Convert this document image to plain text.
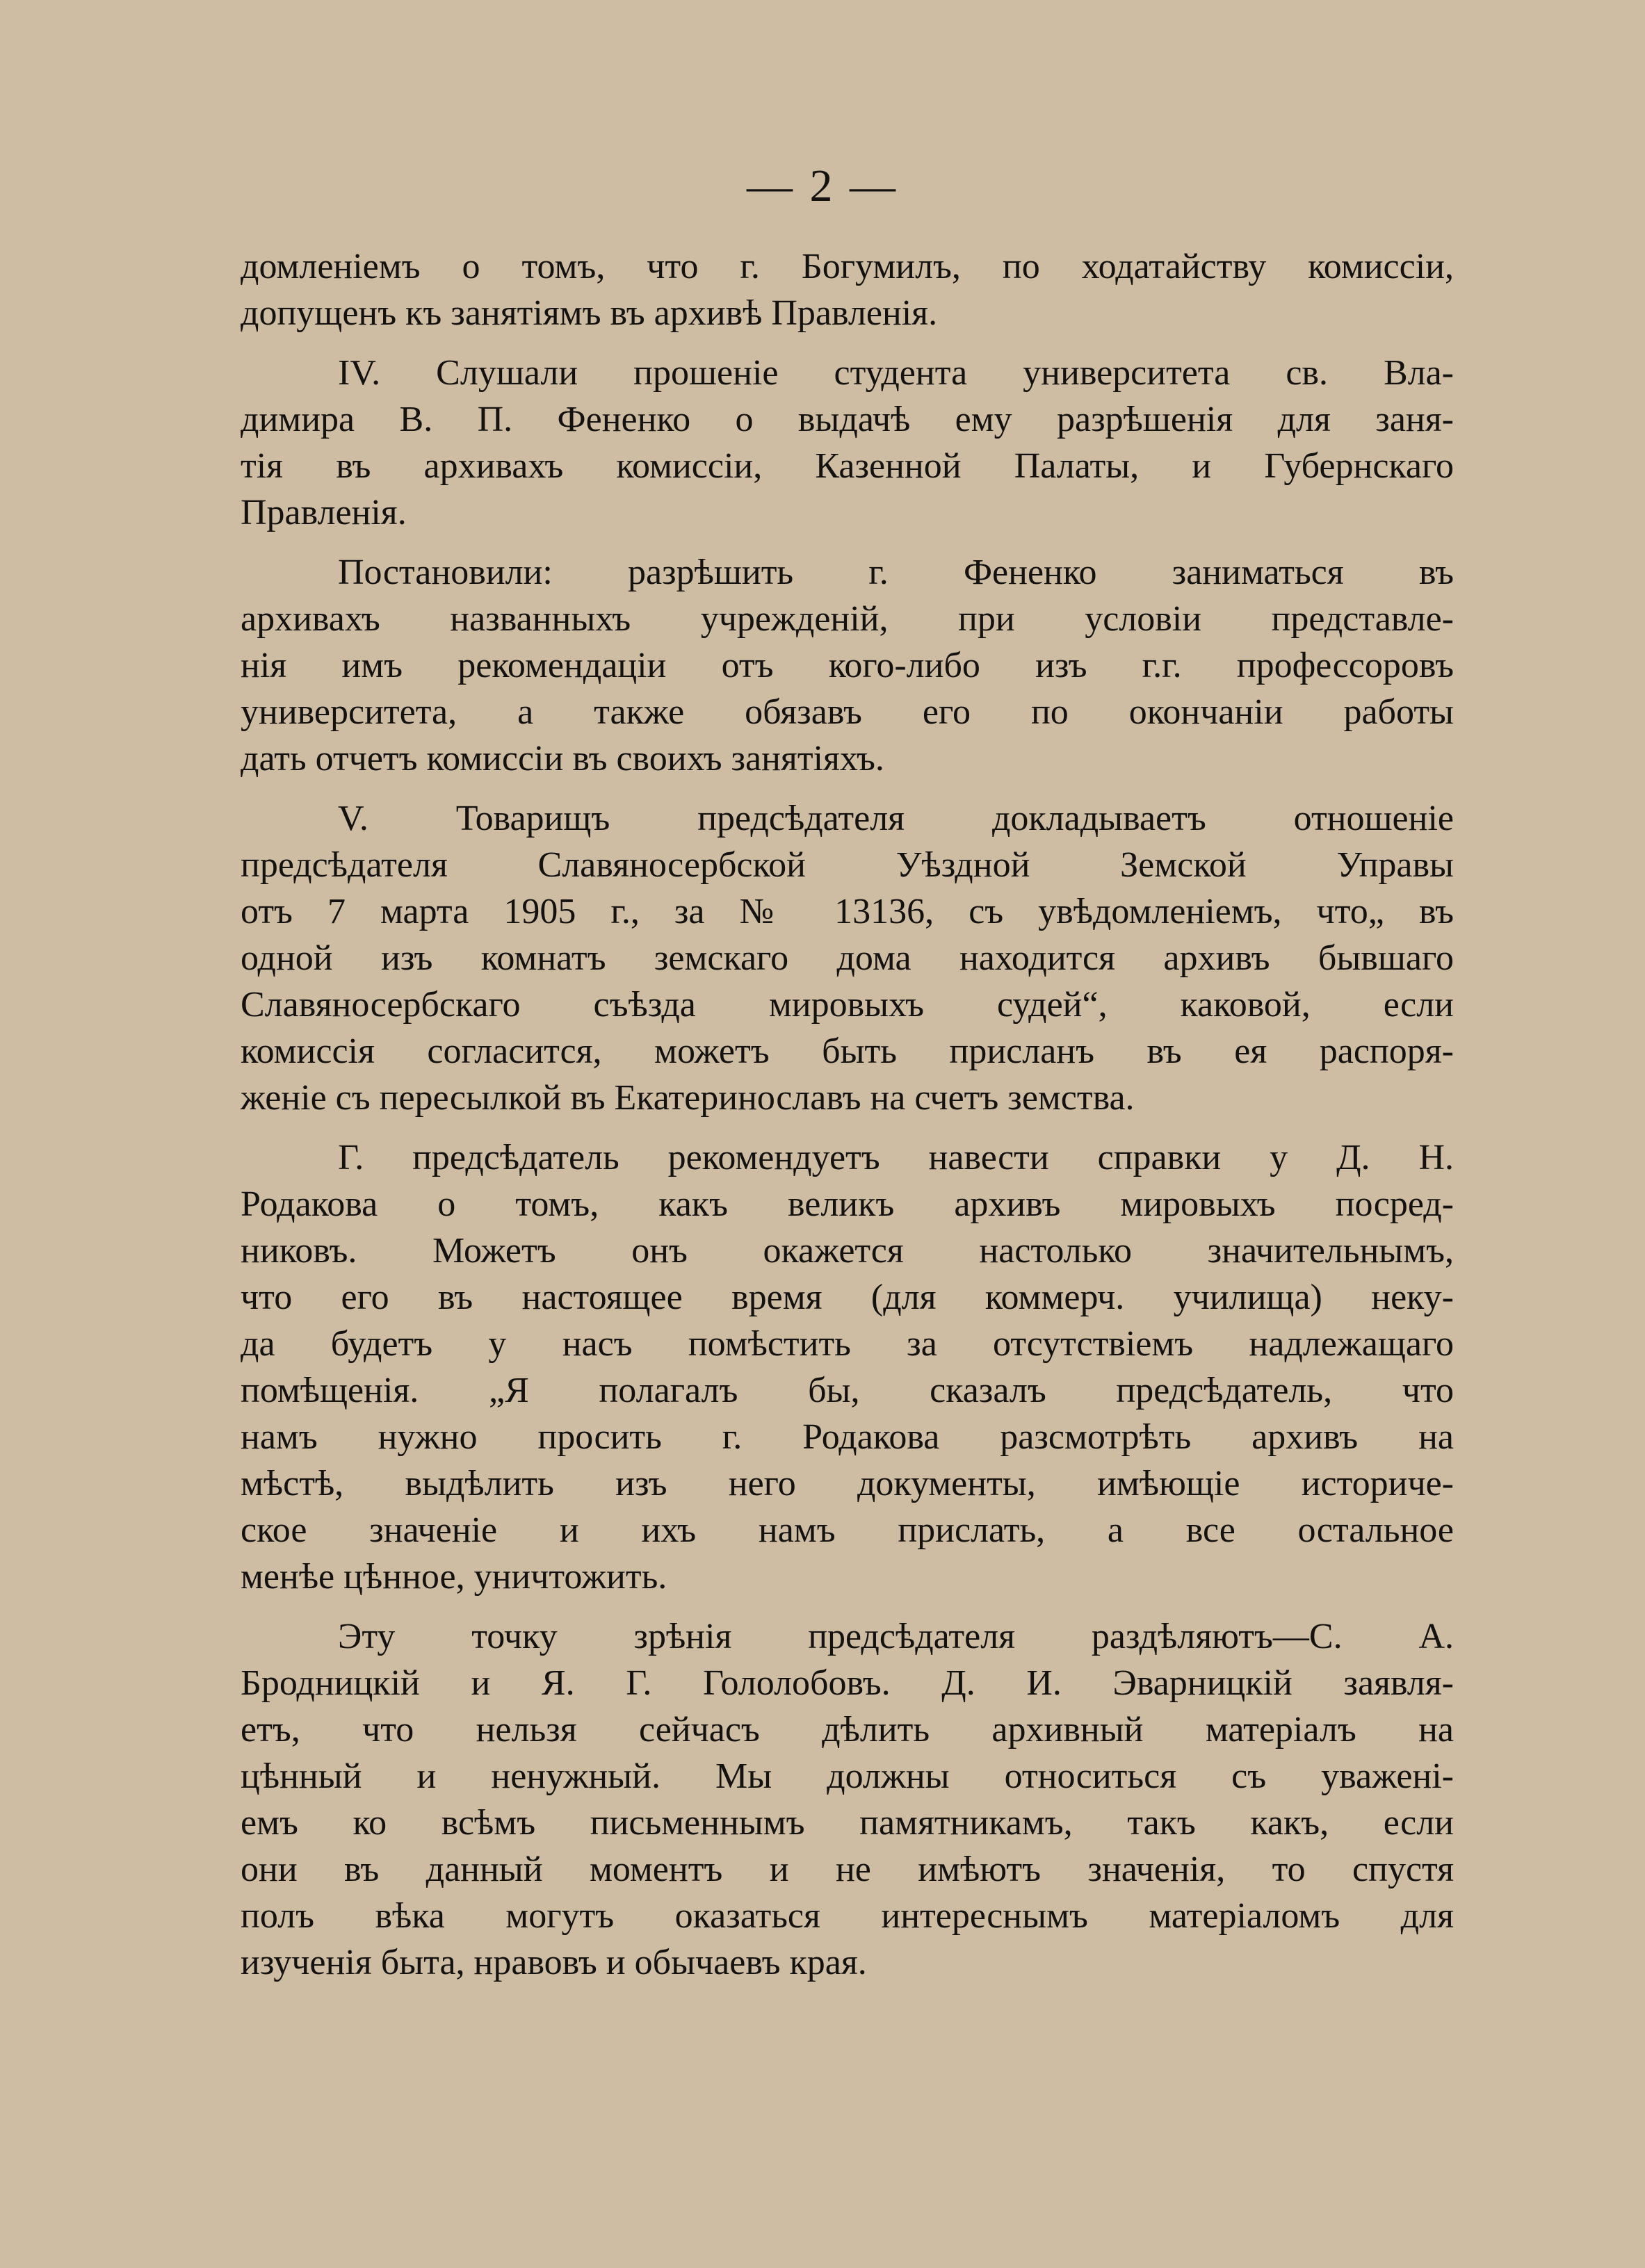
— 2 —
домленіемъ о томъ, что г. Богумилъ, по ходатайству комиссіи,
допущенъ къ занятіямъ въ архивѣ Правленія.
IV. Слушали прошеніе студента университета св. Вла-
димира В. П. Фененко о выдачѣ ему разрѣшенія для заня-
тія въ архивахъ комиссіи, Казенной Палаты, и Губернскаго
Правленія.
Постановили: разрѣшить г. Фененко заниматься въ
архивахъ названныхъ учрежденій, при условіи представле-
нія имъ рекомендаціи отъ кого-либо изъ г.г. профессоровъ
университета, а также обязавъ его по окончаніи работы
дать отчетъ комиссіи въ своихъ занятіяхъ.
V. Товарищъ предсѣдателя докладываетъ отношеніе
предсѣдателя Славяносербской Уѣздной Земской Управы
отъ 7 марта 1905 г., за № 13136, съ увѣдомленіемъ, что„ въ
одной изъ комнатъ земскаго дома находится архивъ бывшаго
Славяносербскаго съѣзда мировыхъ судей“, каковой, если
комиссія согласится, можетъ быть присланъ въ ея распоря-
женіе съ пересылкой въ Екатеринославъ на счетъ земства.
Г. предсѣдатель рекомендуетъ навести справки у Д. Н.
Родакова о томъ, какъ великъ архивъ мировыхъ посред-
никовъ. Можетъ онъ окажется настолько значительнымъ,
что его въ настоящее время (для коммерч. училища) неку-
да будетъ у насъ помѣстить за отсутствіемъ надлежащаго
помѣщенія. „Я полагалъ бы, сказалъ предсѣдатель, что
намъ нужно просить г. Родакова разсмотрѣть архивъ на
мѣстѣ, выдѣлить изъ него документы, имѣющіе историче-
ское значеніе и ихъ намъ прислать, а все остальное
менѣе цѣнное, уничтожить.
Эту точку зрѣнія предсѣдателя раздѣляютъ—С. А.
Бродницкій и Я. Г. Гололобовъ. Д. И. Эварницкій заявля-
етъ, что нельзя сейчасъ дѣлить архивный матеріалъ на
цѣнный и ненужный. Мы должны относиться съ уважені-
емъ ко всѣмъ письменнымъ памятникамъ, такъ какъ, если
они въ данный моментъ и не имѣютъ значенія, то спустя
полъ вѣка могутъ оказаться интереснымъ матеріаломъ для
изученія быта, нравовъ и обычаевъ края.
